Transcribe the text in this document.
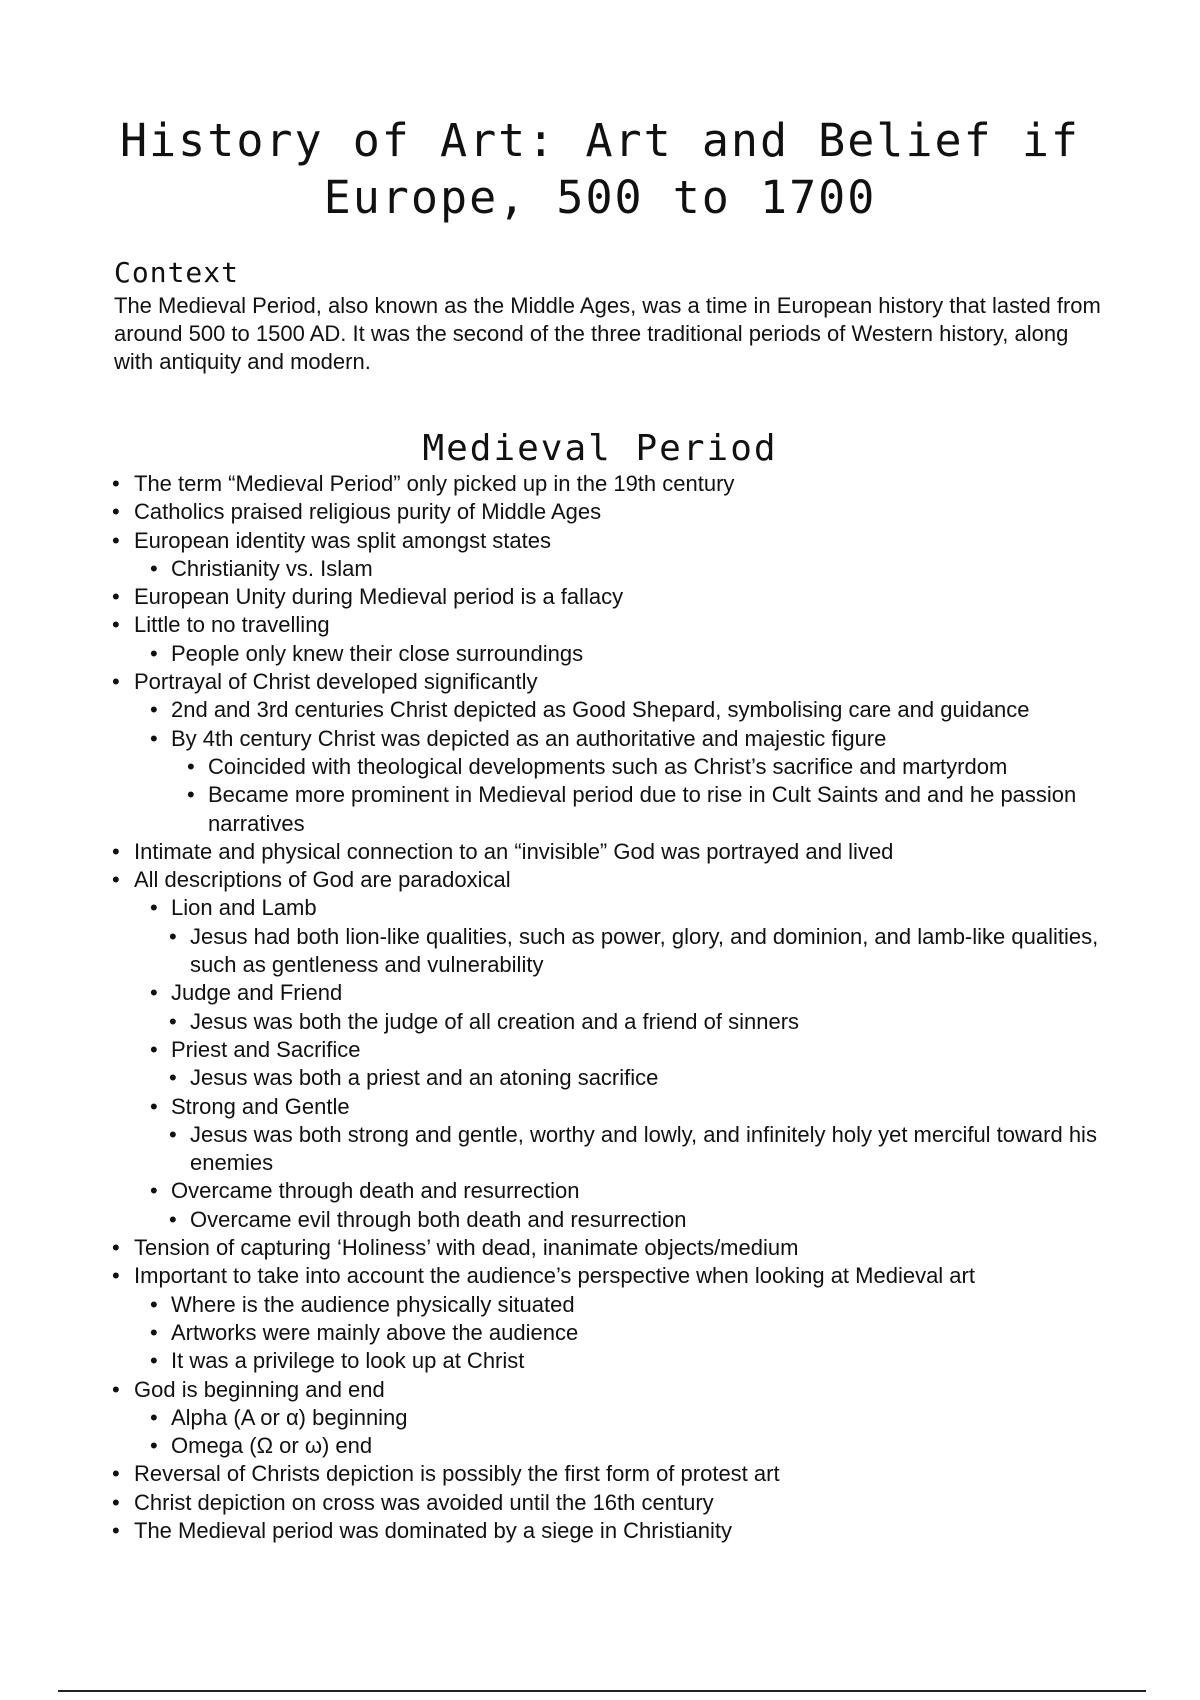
History of Art: Art and Belief if Europe, 500 to 1700
Context

The Medieval Period, also known as the Middle Ages, was a time in European history that lasted from around 500 to 1500 AD. It was the second of the three traditional periods of Western history, along with antiquity and modern.

Medieval Period
• The term “Medieval Period” only picked up in the 19th century
• Catholics praised religious purity of Middle Ages
• European identity was split amongst states
• Christianity vs. Islam
• European Unity during Medieval period is a fallacy
• Little to no travelling
• People only knew their close surroundings
• Portrayal of Christ developed significantly
• 2nd and 3rd centuries Christ depicted as Good Shepard, symbolising care and guidance
• By 4th century Christ was depicted as an authoritative and majestic figure
• Coincided with theological developments such as Christ’s sacrifice and martyrdom
• Became more prominent in Medieval period due to rise in Cult Saints and and he passion narratives
• Intimate and physical connection to an “invisible” God was portrayed and lived
• All descriptions of God are paradoxical
• Lion and Lamb
• Jesus had both lion-like qualities, such as power, glory, and dominion, and lamb-like qualities, such as gentleness and vulnerability
• Judge and Friend
• Jesus was both the judge of all creation and a friend of sinners
• Priest and Sacrifice
• Jesus was both a priest and an atoning sacrifice
• Strong and Gentle
• Jesus was both strong and gentle, worthy and lowly, and infinitely holy yet merciful toward his enemies
• Overcame through death and resurrection
• Overcame evil through both death and resurrection
• Tension of capturing ‘Holiness’ with dead, inanimate objects/medium
• Important to take into account the audience’s perspective when looking at Medieval art
• Where is the audience physically situated
• Artworks were mainly above the audience
• It was a privilege to look up at Christ
• God is beginning and end
• Alpha (Α or α) beginning
• Omega (Ω or ω) end
• Reversal of Christs depiction is possibly the first form of protest art
• Christ depiction on cross was avoided until the 16th century
• The Medieval period was dominated by a siege in Christianity
